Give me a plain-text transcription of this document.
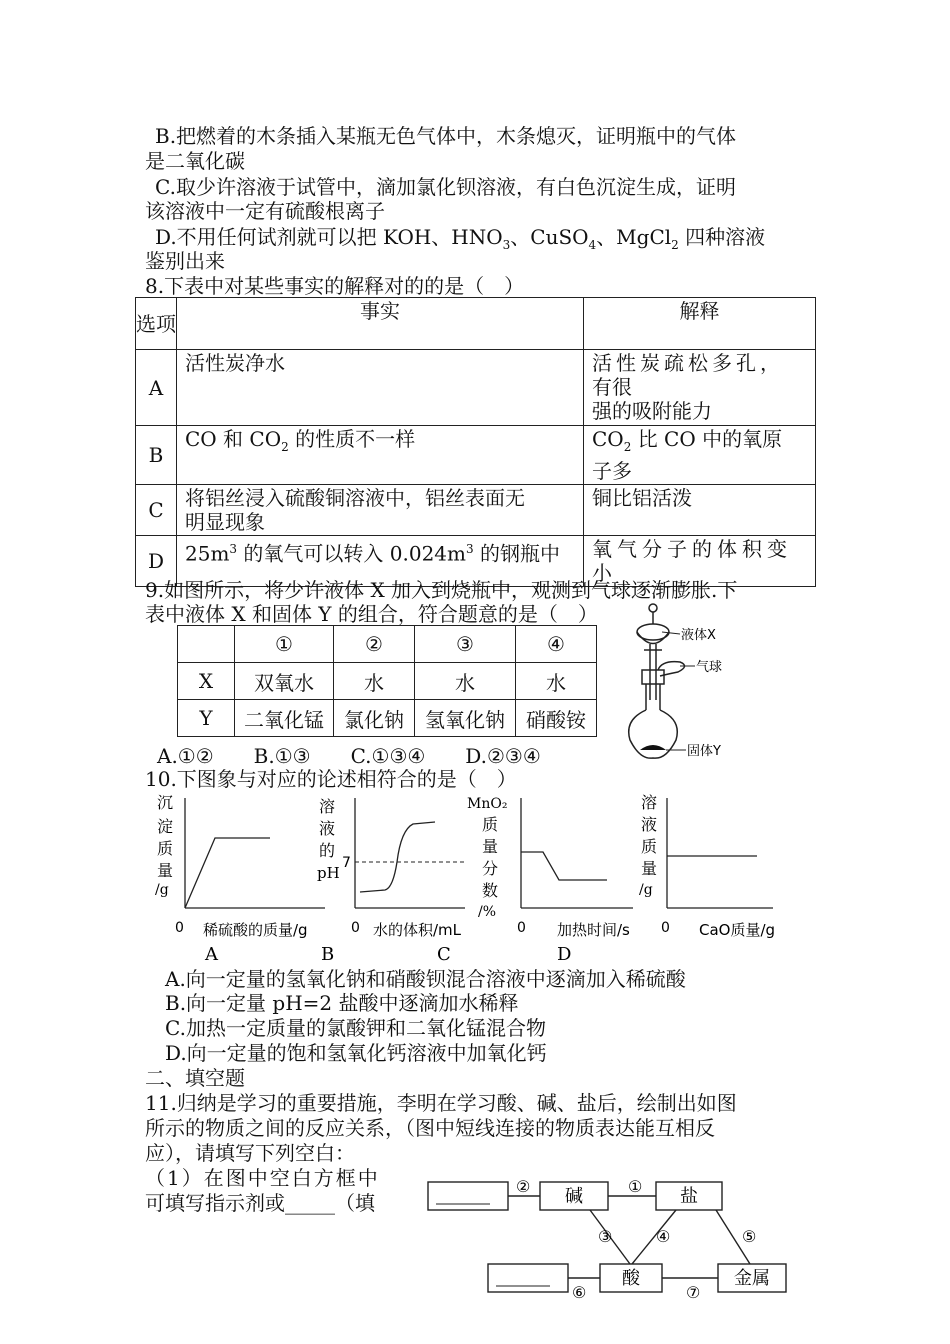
B.把燃着的木条插入某瓶无色气体中，木条熄灭，证明瓶中的气体
是二氧化碳
C.取少许溶液于试管中，滴加氯化钡溶液，有白色沉淀生成，证明
该溶液中一定有硫酸根离子
D.不用任何试剂就可以把 KOH、$HNO_3$、CuSO$_4$、MgCl$_2$ 四种溶液
鉴别出来
8.下表中对某些事实的解释对的的是（　）
选项	事实	解释
A	活性炭净水	活性炭疏松多孔，
有很
强的吸附能力

B	CO 和 $CO_2$ 的性质不一样	$CO_2$ 比 CO 中的氧原
子多

C	将铝丝浸入硫酸铜溶液中，铝丝表面无
明显现象	铜比铝活泼
D	$25m^3$ 的氧气可以转入 $0.024m^3$ 的钢瓶中	氧气分子的体积变
小
9.如图所示，将少许液体 X 加入到烧瓶中，观测到气球逐渐膨胀.下
表中液体 X 和固体 Y 的组合，符合题意的是（　）
	①	②	③	④
X	双氧水	水	水	水
Y	二氧化锰	氯化钠	氢氧化钠	硝酸铵
A.①②　　B.①③　　C.①③④　　D.②③④
液体X
气球
固体Y
10.下图象与对应的论述相符合的是（　）
沉
淀
质
量
/g
0 稀硫酸的质量/g
A
溶
液
的
pH
7
0 水的体积/mL
B
MnO₂
质
量
分
数
/%
0 加热时间/s
C
溶
液
质
量
/g
0 CaO质量/g
D
A.向一定量的氢氧化钠和硝酸钡混合溶液中逐滴加入稀硫酸
B.向一定量 pH=2 盐酸中逐滴加水稀释
C.加热一定质量的氯酸钾和二氧化锰混合物
D.向一定量的饱和氢氧化钙溶液中加氧化钙
二、填空题
11.归纳是学习的重要措施，李明在学习酸、碱、盐后，绘制出如图
所示的物质之间的反应关系，（图中短线连接的物质表达能互相反
应），请填写下列空白：
（1）在图中空白方框中
可填写指示剂或_____（填	碱	盐
酸	金属
①
②
③	④	⑤
⑥	⑦
